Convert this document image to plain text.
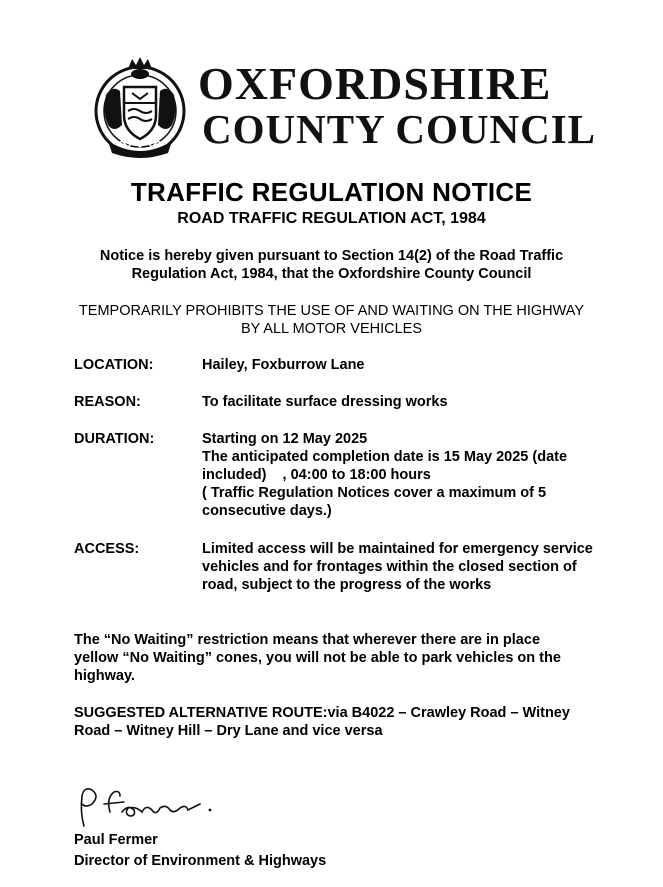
OXFORDSHIRE
COUNTY COUNCIL
TRAFFIC REGULATION NOTICE
ROAD TRAFFIC REGULATION ACT, 1984
Notice is hereby given pursuant to Section 14(2) of the Road Traffic
Regulation Act, 1984, that the Oxfordshire County Council
TEMPORARILY PROHIBITS THE USE OF AND WAITING ON THE HIGHWAY
BY ALL MOTOR VEHICLES
LOCATION:	Hailey, Foxburrow Lane
REASON:	To facilitate surface dressing works
DURATION:	Starting on 12 May 2025
The anticipated completion date is 15 May 2025 (date
included)    , 04:00 to 18:00 hours
( Traffic Regulation Notices cover a maximum of 5
consecutive days.)
ACCESS:	Limited access will be maintained for emergency service
vehicles and for frontages within the closed section of
road, subject to the progress of the works
The “No Waiting” restriction means that wherever there are in place
yellow “No Waiting” cones, you will not be able to park vehicles on the
highway.
SUGGESTED ALTERNATIVE ROUTE:via B4022 – Crawley Road – Witney
Road – Witney Hill – Dry Lane and vice versa
Paul Fermer
Director of Environment & Highways
